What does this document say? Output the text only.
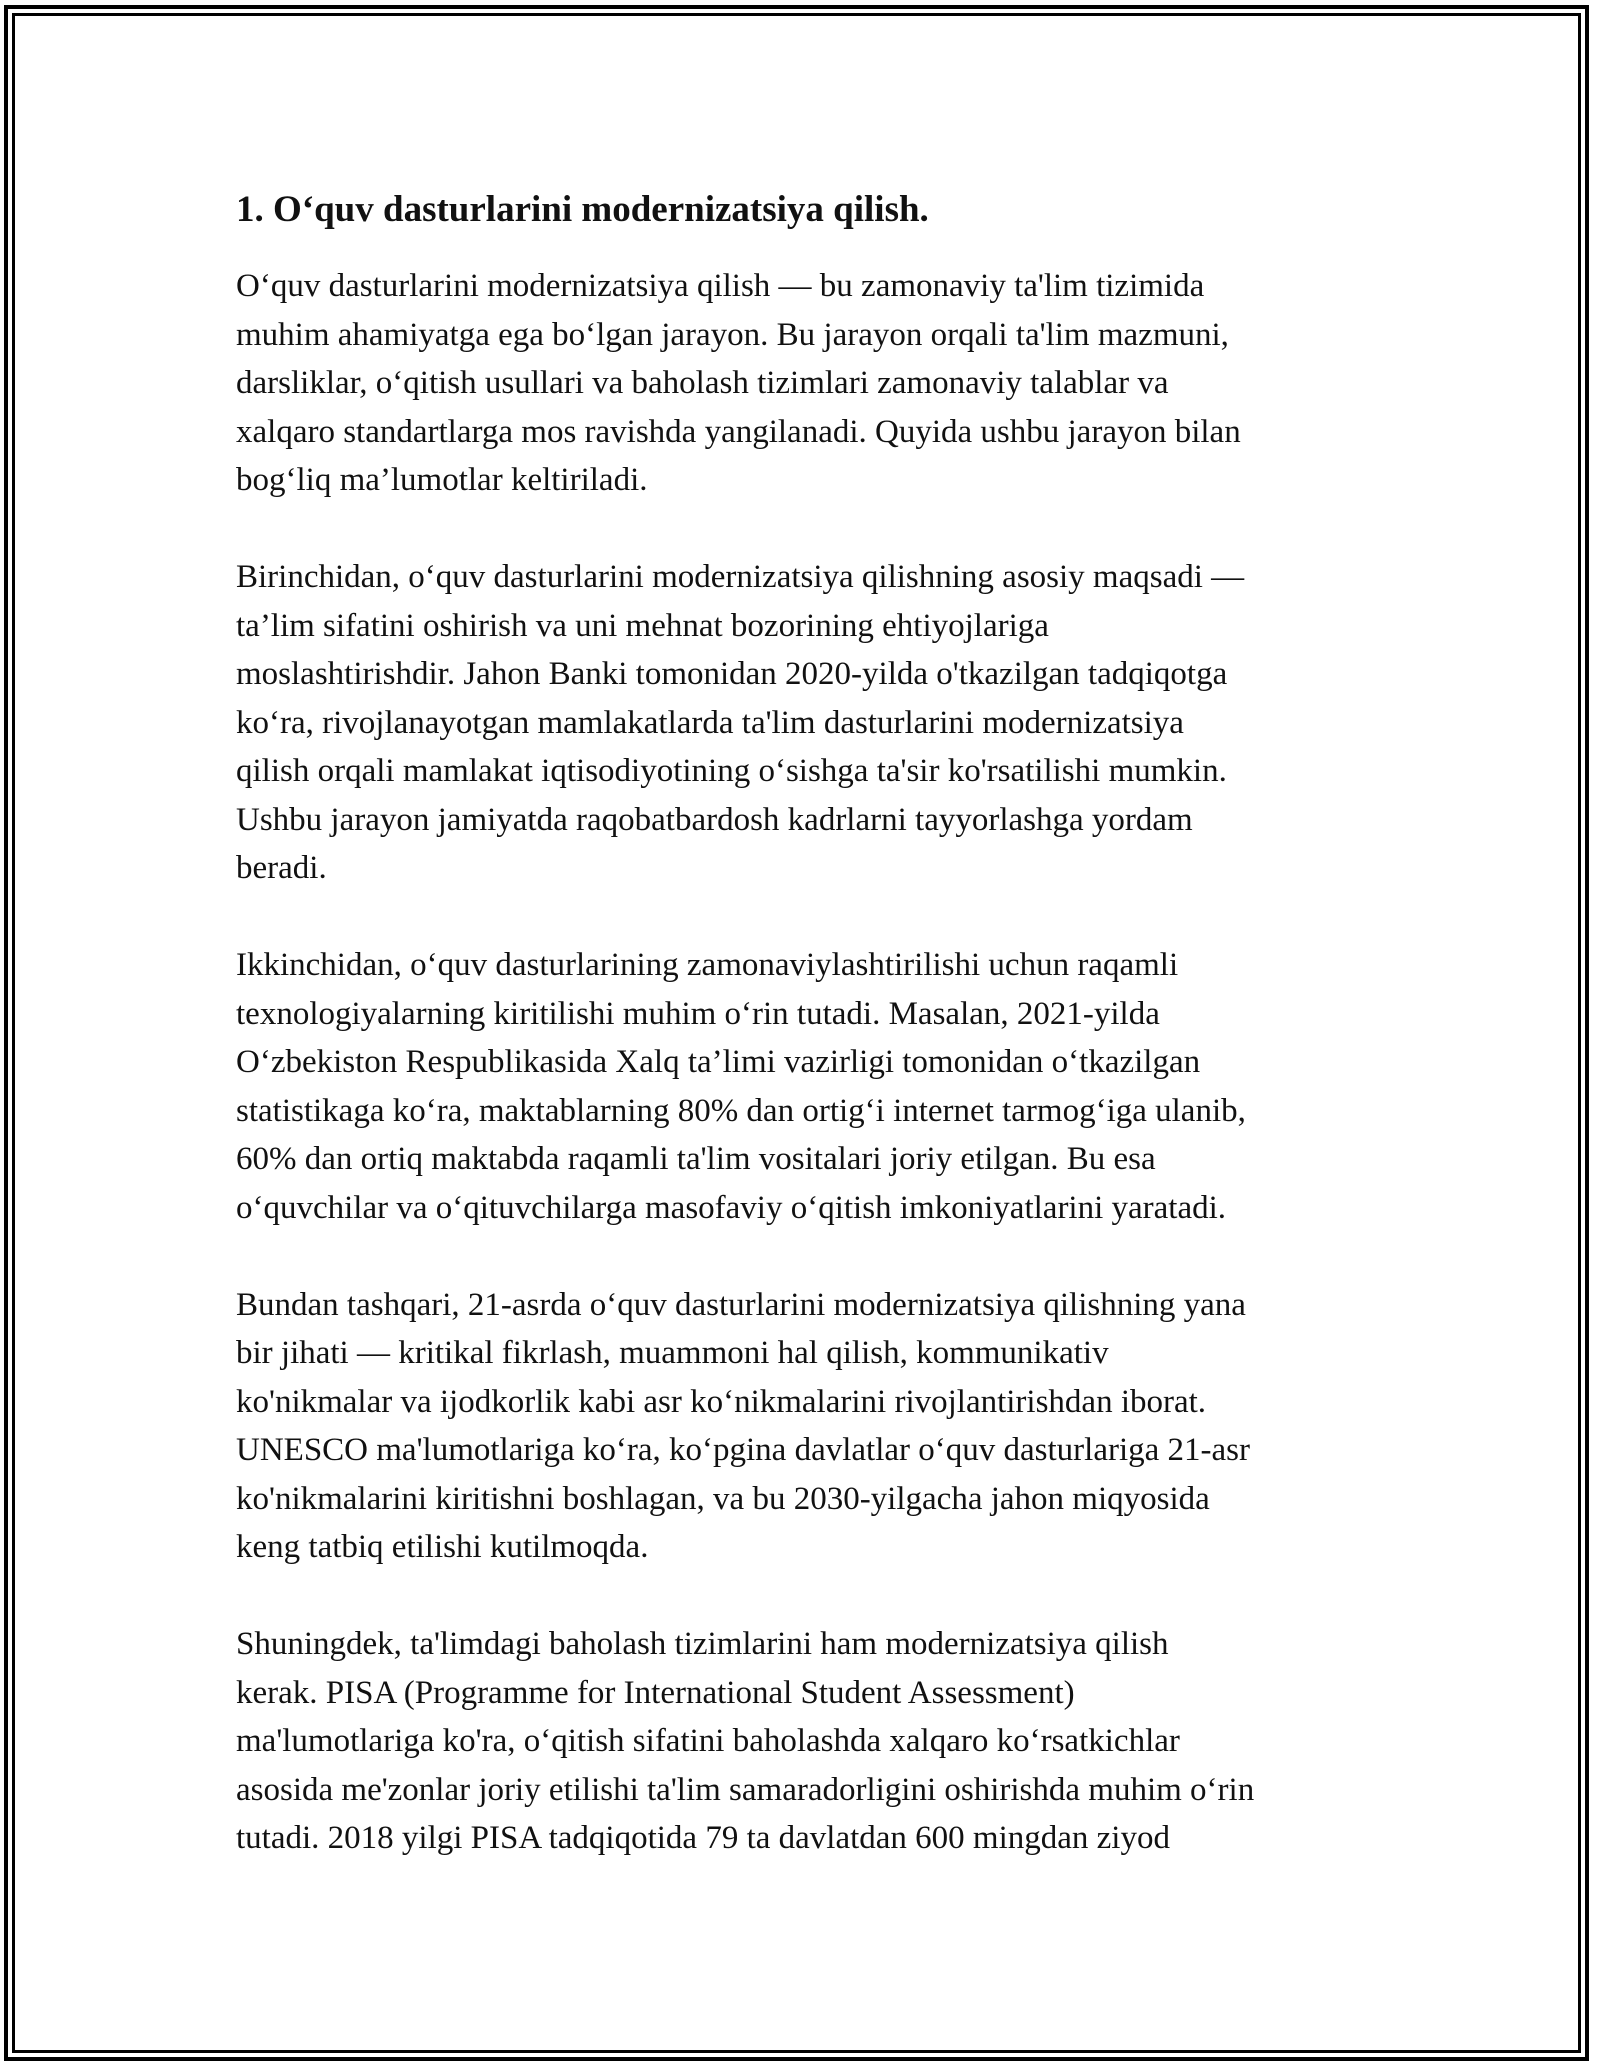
1. O‘quv dasturlarini modernizatsiya qilish.

O‘quv dasturlarini modernizatsiya qilish — bu zamonaviy ta'lim tizimida
muhim ahamiyatga ega bo‘lgan jarayon. Bu jarayon orqali ta'lim mazmuni,
darsliklar, o‘qitish usullari va baholash tizimlari zamonaviy talablar va
xalqaro standartlarga mos ravishda yangilanadi. Quyida ushbu jarayon bilan
bog‘liq ma’lumotlar keltiriladi.

Birinchidan, o‘quv dasturlarini modernizatsiya qilishning asosiy maqsadi —
ta’lim sifatini oshirish va uni mehnat bozorining ehtiyojlariga
moslashtirishdir. Jahon Banki tomonidan 2020-yilda o'tkazilgan tadqiqotga
ko‘ra, rivojlanayotgan mamlakatlarda ta'lim dasturlarini modernizatsiya
qilish orqali mamlakat iqtisodiyotining o‘sishga ta'sir ko'rsatilishi mumkin.
Ushbu jarayon jamiyatda raqobatbardosh kadrlarni tayyorlashga yordam
beradi.

Ikkinchidan, o‘quv dasturlarining zamonaviylashtirilishi uchun raqamli
texnologiyalarning kiritilishi muhim o‘rin tutadi. Masalan, 2021-yilda
O‘zbekiston Respublikasida Xalq ta’limi vazirligi tomonidan o‘tkazilgan
statistikaga ko‘ra, maktablarning 80% dan ortig‘i internet tarmog‘iga ulanib,
60% dan ortiq maktabda raqamli ta'lim vositalari joriy etilgan. Bu esa
o‘quvchilar va o‘qituvchilarga masofaviy o‘qitish imkoniyatlarini yaratadi.

Bundan tashqari, 21-asrda o‘quv dasturlarini modernizatsiya qilishning yana
bir jihati — kritikal fikrlash, muammoni hal qilish, kommunikativ
ko'nikmalar va ijodkorlik kabi asr ko‘nikmalarini rivojlantirishdan iborat.
UNESCO ma'lumotlariga ko‘ra, ko‘pgina davlatlar o‘quv dasturlariga 21-asr
ko'nikmalarini kiritishni boshlagan, va bu 2030-yilgacha jahon miqyosida
keng tatbiq etilishi kutilmoqda.

Shuningdek, ta'limdagi baholash tizimlarini ham modernizatsiya qilish
kerak. PISA (Programme for International Student Assessment)
ma'lumotlariga ko'ra, o‘qitish sifatini baholashda xalqaro ko‘rsatkichlar
asosida me'zonlar joriy etilishi ta'lim samaradorligini oshirishda muhim o‘rin
tutadi. 2018 yilgi PISA tadqiqotida 79 ta davlatdan 600 mingdan ziyod
